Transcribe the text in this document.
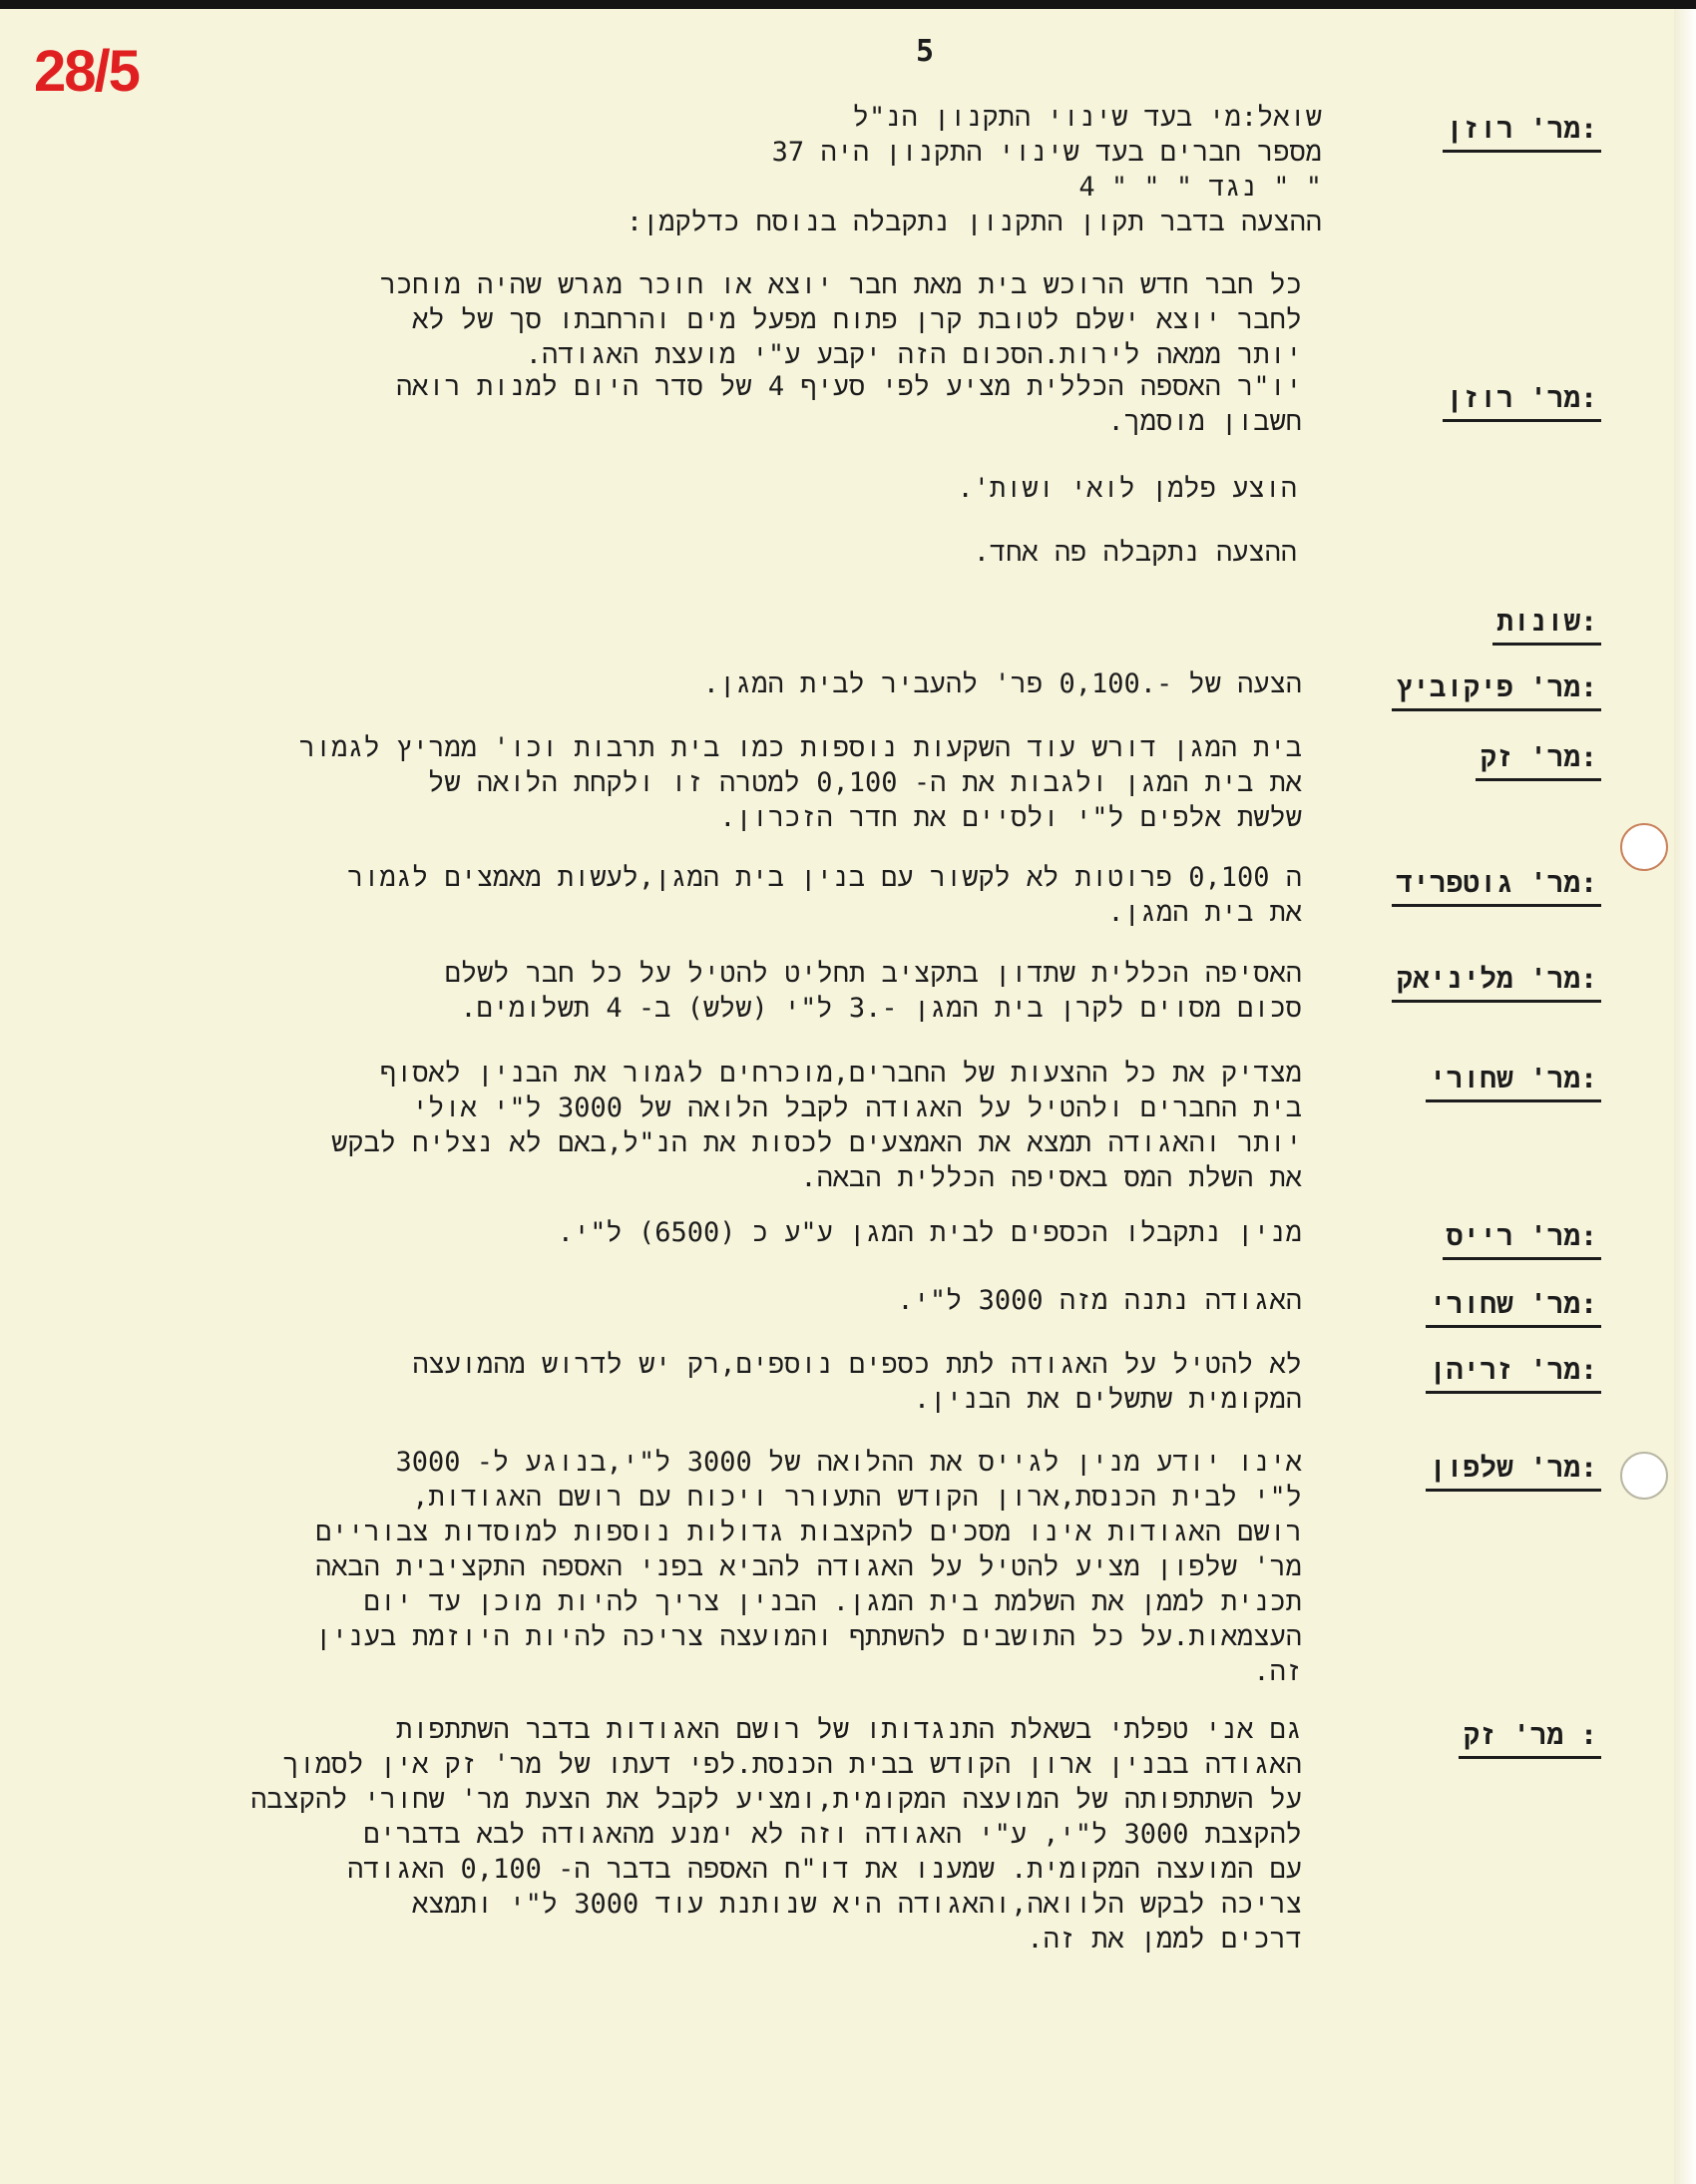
28/5	5
מר' רוזן:
שואל:מי בעד שינוי התקנון הנ"ל
מספר חברים בעד שינוי התקנון היה 37
" " נגד " " " 4
ההצעה בדבר תקון התקנון נתקבלה בנוסח כדלקמן:
כל חבר חדש הרוכש בית מאת חבר יוצא או חוכר מגרש שהיה מוחכר
לחבר יוצא ישלם לטובת קרן פתוח מפעל מים והרחבתו סך של לא
יותר ממאה לירות.הסכום הזה יקבע ע"י מועצת האגודה.
מר' רוזן:
יו"ר האספה הכללית מציע לפי סעיף 4 של סדר היום למנות רואה
חשבון מוסמך.
הוצע פלמן לואי ושות'.
ההצעה נתקבלה פה אחד.
שונות:
מר' פיקוביץ:
הצעה של -.0,100 פר' להעביר לבית המגן.
מר' זק:
בית המגן דורש עוד השקעות נוספות כמו בית תרבות וכו' ממריץ לגמור
את בית המגן ולגבות את ה- 0,100 למטרה זו ולקחת הלואה של
שלשת אלפים ל"י ולסיים את חדר הזכרון.
מר' גוטפריד:
ה 0,100 פרוטות לא לקשור עם בנין בית המגן,לעשות מאמצים לגמור
את בית המגן.
מר' מליניאק:
האסיפה הכללית שתדון בתקציב תחליט להטיל על כל חבר לשלם
סכום מסוים לקרן בית המגן -.3 ל"י (שלש) ב- 4 תשלומים.
מר' שחורי:
מצדיק את כל ההצעות של החברים,מוכרחים לגמור את הבנין לאסוף
בית החברים ולהטיל על האגודה לקבל הלואה של 3000 ל"י אולי
יותר והאגודה תמצא את האמצעים לכסות את הנ"ל,באם לא נצליח לבקש
את השלת המס באסיפה הכללית הבאה.
מר' רייס:
מנין נתקבלו הכספים לבית המגן ע"ע כ (6500) ל"י.
מר' שחורי:
האגודה נתנה מזה 3000 ל"י.
מר' זריהן:
לא להטיל על האגודה לתת כספים נוספים,רק יש לדרוש מהמועצה
המקומית שתשלים את הבנין.
מר' שלפון:
אינו יודע מנין לגייס את ההלואה של 3000 ל"י,בנוגע ל- 3000
ל"י לבית הכנסת,ארון הקודש התעורר ויכוח עם רושם האגודות,
רושם האגודות אינו מסכים להקצבות גדולות נוספות למוסדות צבוריים
מר' שלפון מציע להטיל על האגודה להביא בפני האספה התקציבית הבאה
תכנית לממן את השלמת בית המגן. הבנין צריך להיות מוכן עד יום
העצמאות.על כל התושבים להשתתף והמועצה צריכה להיות היוזמת בענין
זה.
מר' זק :
גם אני טפלתי בשאלת התנגדותו של רושם האגודות בדבר השתתפות
האגודה בבנין ארון הקודש בבית הכנסת.לפי דעתו של מר' זק אין לסמוך
על השתתפותה של המועצה המקומית,ומציע לקבל את הצעת מר' שחורי להקצבה
להקצבת 3000 ל"י, ע"י האגודה וזה לא ימנע מהאגודה לבא בדברים
עם המועצה המקומית. שמענו את דו"ח האספה בדבר ה- 0,100 האגודה
צריכה לבקש הלוואה,והאגודה היא שנותנת עוד 3000 ל"י ותמצא
דרכים לממן את זה.
